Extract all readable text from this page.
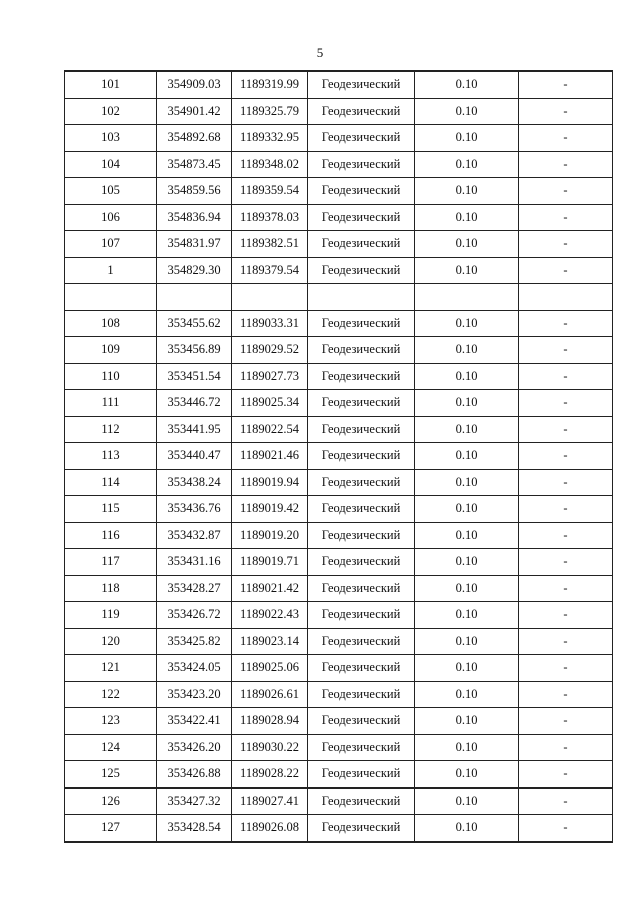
5
101	354909.03	1189319.99	Геодезический	0.10	-
102	354901.42	1189325.79	Геодезический	0.10	-
103	354892.68	1189332.95	Геодезический	0.10	-
104	354873.45	1189348.02	Геодезический	0.10	-
105	354859.56	1189359.54	Геодезический	0.10	-
106	354836.94	1189378.03	Геодезический	0.10	-
107	354831.97	1189382.51	Геодезический	0.10	-
1	354829.30	1189379.54	Геодезический	0.10	-

108	353455.62	1189033.31	Геодезический	0.10	-
109	353456.89	1189029.52	Геодезический	0.10	-
110	353451.54	1189027.73	Геодезический	0.10	-
111	353446.72	1189025.34	Геодезический	0.10	-
112	353441.95	1189022.54	Геодезический	0.10	-
113	353440.47	1189021.46	Геодезический	0.10	-
114	353438.24	1189019.94	Геодезический	0.10	-
115	353436.76	1189019.42	Геодезический	0.10	-
116	353432.87	1189019.20	Геодезический	0.10	-
117	353431.16	1189019.71	Геодезический	0.10	-
118	353428.27	1189021.42	Геодезический	0.10	-
119	353426.72	1189022.43	Геодезический	0.10	-
120	353425.82	1189023.14	Геодезический	0.10	-
121	353424.05	1189025.06	Геодезический	0.10	-
122	353423.20	1189026.61	Геодезический	0.10	-
123	353422.41	1189028.94	Геодезический	0.10	-
124	353426.20	1189030.22	Геодезический	0.10	-
125	353426.88	1189028.22	Геодезический	0.10	-
126	353427.32	1189027.41	Геодезический	0.10	-
127	353428.54	1189026.08	Геодезический	0.10	-
